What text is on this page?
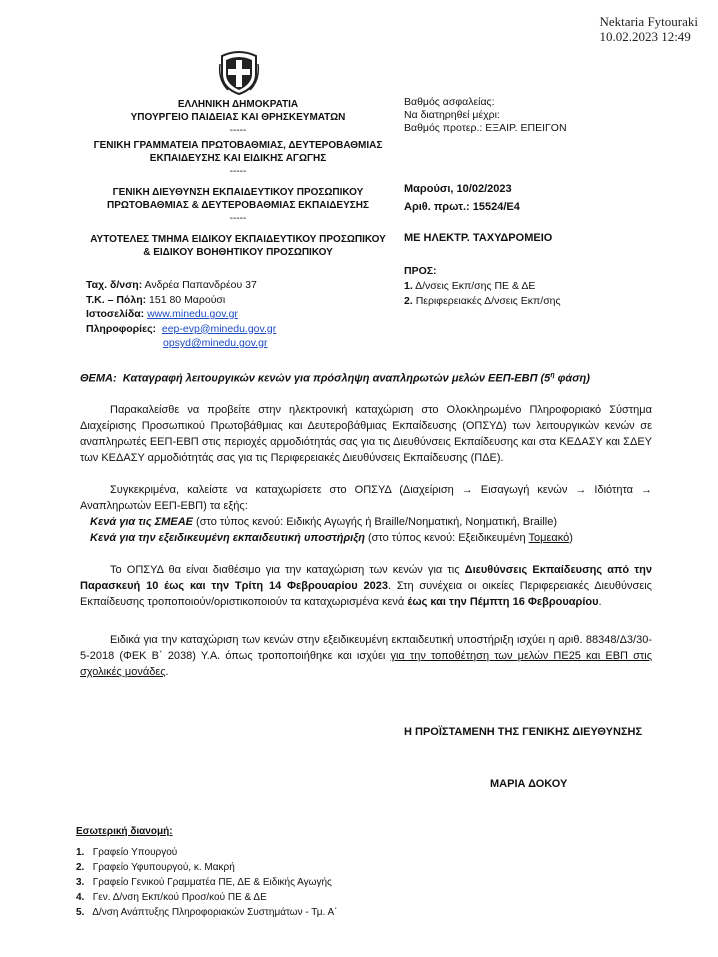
Nektaria Fytouraki
10.02.2023 12:49
ΕΛΛΗΝΙΚΗ ΔΗΜΟΚΡΑΤΙΑ
ΥΠΟΥΡΓΕΙΟ ΠΑΙΔΕΙΑΣ ΚΑΙ ΘΡΗΣΚΕΥΜΑΤΩΝ
-----
ΓΕΝΙΚΗ ΓΡΑΜΜΑΤΕΙΑ ΠΡΩΤΟΒΑΘΜΙΑΣ, ΔΕΥΤΕΡΟΒΑΘΜΙΑΣ
ΕΚΠΑΙΔΕΥΣΗΣ ΚΑΙ ΕΙΔΙΚΗΣ ΑΓΩΓΗΣ
-----
ΓΕΝΙΚΗ ΔΙΕΥΘΥΝΣΗ ΕΚΠΑΙΔΕΥΤΙΚΟΥ ΠΡΟΣΩΠΙΚΟΥ
ΠΡΩΤΟΒΑΘΜΙΑΣ & ΔΕΥΤΕΡΟΒΑΘΜΙΑΣ ΕΚΠΑΙΔΕΥΣΗΣ
-----
ΑΥΤΟΤΕΛΕΣ ΤΜΗΜΑ ΕΙΔΙΚΟΥ ΕΚΠΑΙΔΕΥΤΙΚΟΥ ΠΡΟΣΩΠΙΚΟΥ
& ΕΙΔΙΚΟΥ ΒΟΗΘΗΤΙΚΟΥ ΠΡΟΣΩΠΙΚΟΥ
Βαθμός ασφαλείας:
Να διατηρηθεί μέχρι:
Βαθμός προτερ.: ΕΞΑΙΡ. ΕΠΕΙΓΟΝ
Μαρούσι, 10/02/2023
Αριθ. πρωτ.: 15524/Ε4
ΜΕ ΗΛΕΚΤΡ. ΤΑΧΥΔΡΟΜΕΙΟ
ΠΡΟΣ:
1. Δ/νσεις Εκπ/σης ΠΕ & ΔΕ
2. Περιφερειακές Δ/νσεις Εκπ/σης
Ταχ. δ/νση: Ανδρέα Παπανδρέου 37
Τ.Κ. – Πόλη: 151 80 Μαρούσι
Ιστοσελίδα: www.minedu.gov.gr
Πληροφορίες: eep-evp@minedu.gov.gr
opsyd@minedu.gov.gr
ΘΕΜΑ: Καταγραφή λειτουργικών κενών για πρόσληψη αναπληρωτών μελών ΕΕΠ-ΕΒΠ ($5^\eta$ φάση)
Παρακαλείσθε να προβείτε στην ηλεκτρονική καταχώριση στο Ολοκληρωμένο Πληροφοριακό Σύστημα Διαχείρισης Προσωπικού Πρωτοβάθμιας και Δευτεροβάθμιας Εκπαίδευσης (ΟΠΣΥΔ) των λειτουργικών κενών σε αναπληρωτές ΕΕΠ-ΕΒΠ στις περιοχές αρμοδιότητάς σας για τις Διευθύνσεις Εκπαίδευσης και στα ΚΕΔΑΣΥ και ΣΔΕΥ των ΚΕΔΑΣΥ αρμοδιότητάς σας για τις Περιφερειακές Διευθύνσεις Εκπαίδευσης (ΠΔΕ).
Συγκεκριμένα, καλείστε να καταχωρίσετε στο ΟΠΣΥΔ (Διαχείριση → Εισαγωγή κενών → Ιδιότητα → Αναπληρωτών ΕΕΠ-ΕΒΠ) τα εξής:
Κενά για τις ΣΜΕΑΕ (στο τύπος κενού: Ειδικής Αγωγής ή Braille/Νοηματική, Νοηματική, Braille)
Κενά για την εξειδικευμένη εκπαιδευτική υποστήριξη (στο τύπος κενού: Εξειδικευμένη Τομεακό)
Το ΟΠΣΥΔ θα είναι διαθέσιμο για την καταχώριση των κενών για τις Διευθύνσεις Εκπαίδευσης από την Παρασκευή 10 έως και την Τρίτη 14 Φεβρουαρίου 2023. Στη συνέχεια οι οικείες Περιφερειακές Διευθύνσεις Εκπαίδευσης τροποποιούν/οριστικοποιούν τα καταχωρισμένα κενά έως και την Πέμπτη 16 Φεβρουαρίου.
Ειδικά για την καταχώριση των κενών στην εξειδικευμένη εκπαιδευτική υποστήριξη ισχύει η αριθ. 88348/Δ3/30-5-2018 (ΦΕΚ Β΄ 2038) Υ.Α. όπως τροποποιήθηκε και ισχύει για την τοποθέτηση των μελών ΠΕ25 και ΕΒΠ στις σχολικές μονάδες.
Η ΠΡΟΪΣΤΑΜΕΝΗ ΤΗΣ ΓΕΝΙΚΗΣ ΔΙΕΥΘΥΝΣΗΣ
ΜΑΡΙΑ ΔΟΚΟΥ
Εσωτερική διανομή:
1. Γραφείο Υπουργού
2. Γραφείο Υφυπουργού, κ. Μακρή
3. Γραφείο Γενικού Γραμματέα ΠΕ, ΔΕ & Ειδικής Αγωγής
4. Γεν. Δ/νση Εκπ/κού Προσ/κού ΠΕ & ΔΕ
5. Δ/νση Ανάπτυξης Πληροφοριακών Συστημάτων - Τμ. Α΄
